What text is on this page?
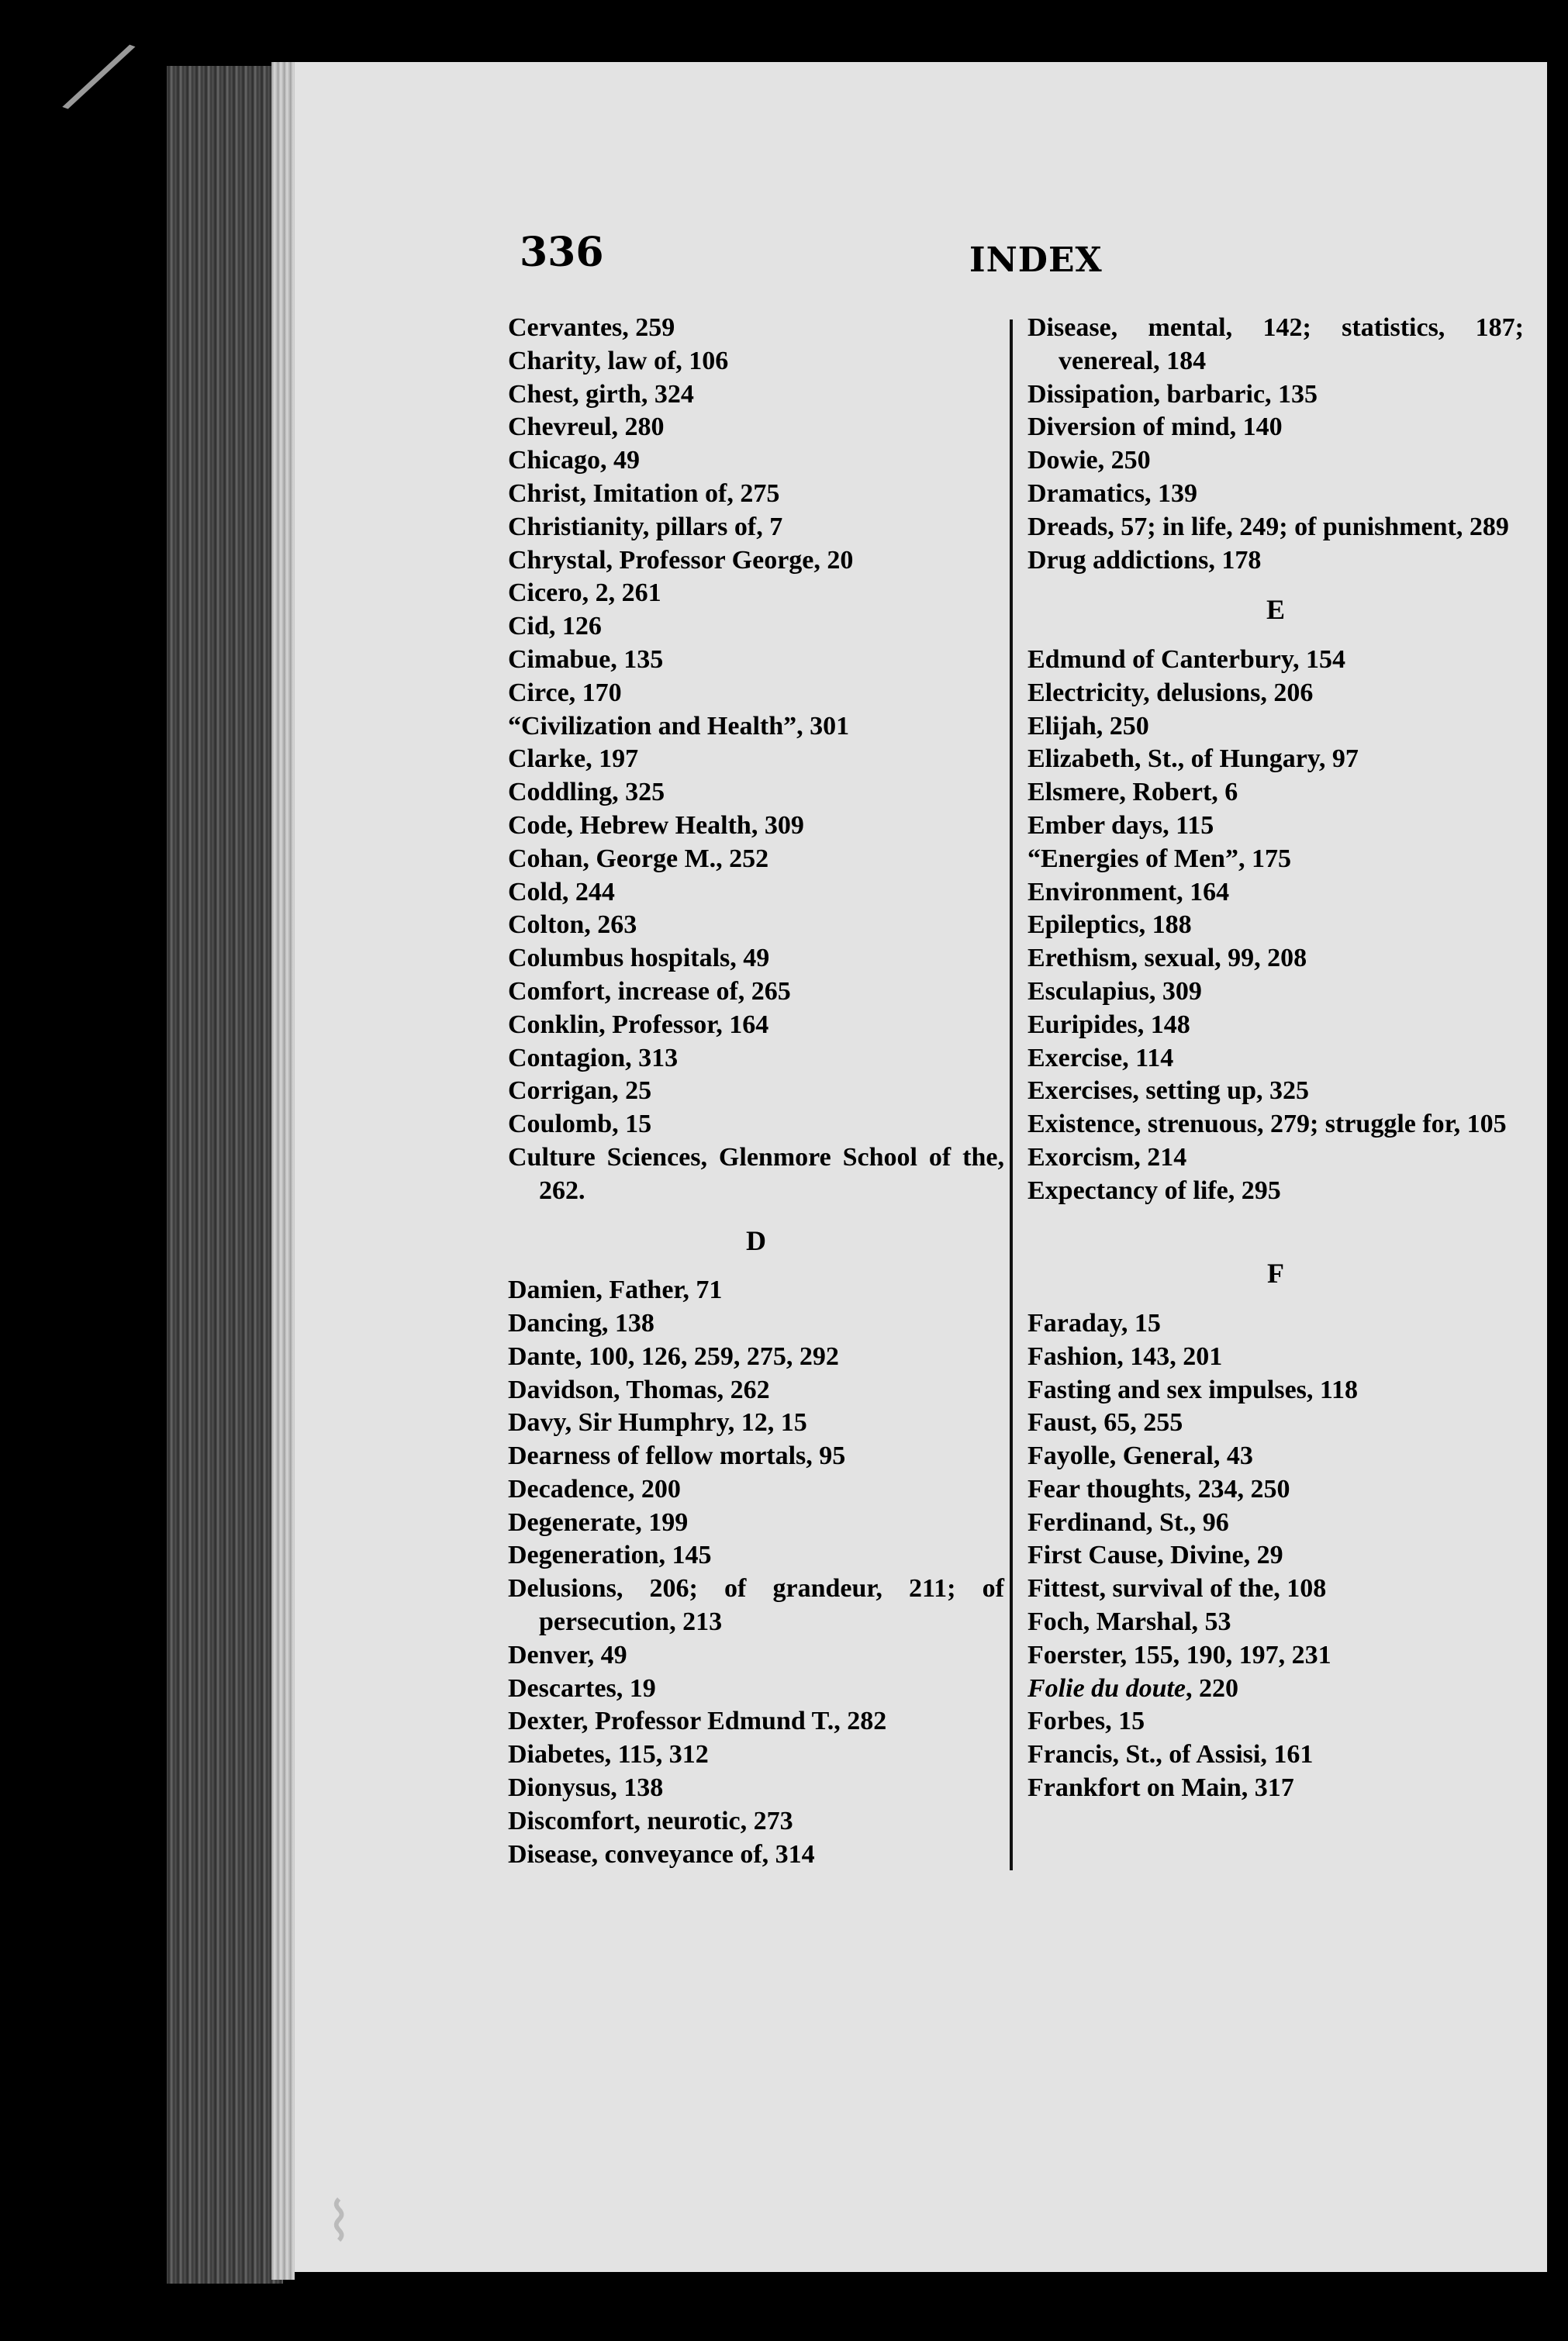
╱
⌇
336	INDEX
Cervantes, 259
Charity, law of, 106
Chest, girth, 324
Chevreul, 280
Chicago, 49
Christ, Imitation of, 275
Christianity, pillars of, 7
Chrystal, Professor George, 20
Cicero, 2, 261
Cid, 126
Cimabue, 135
Circe, 170
“Civilization and Health”, 301
Clarke, 197
Coddling, 325
Code, Hebrew Health, 309
Cohan, George M., 252
Cold, 244
Colton, 263
Columbus hospitals, 49
Comfort, increase of, 265
Conklin, Professor, 164
Contagion, 313
Corrigan, 25
Coulomb, 15
Culture Sciences, Glenmore School of the, 262.
D
Damien, Father, 71
Dancing, 138
Dante, 100, 126, 259, 275, 292
Davidson, Thomas, 262
Davy, Sir Humphry, 12, 15
Dearness of fellow mortals, 95
Decadence, 200
Degenerate, 199
Degeneration, 145
Delusions, 206; of grandeur, 211; of persecution, 213
Denver, 49
Descartes, 19
Dexter, Professor Edmund T., 282
Diabetes, 115, 312
Dionysus, 138
Discomfort, neurotic, 273
Disease, conveyance of, 314
Disease, mental, 142; statistics, 187; venereal, 184
Dissipation, barbaric, 135
Diversion of mind, 140
Dowie, 250
Dramatics, 139
Dreads, 57; in life, 249; of punishment, 289
Drug addictions, 178
E
Edmund of Canterbury, 154
Electricity, delusions, 206
Elijah, 250
Elizabeth, St., of Hungary, 97
Elsmere, Robert, 6
Ember days, 115
“Energies of Men”, 175
Environment, 164
Epileptics, 188
Erethism, sexual, 99, 208
Esculapius, 309
Euripides, 148
Exercise, 114
Exercises, setting up, 325
Existence, strenuous, 279; struggle for, 105
Exorcism, 214
Expectancy of life, 295
F
Faraday, 15
Fashion, 143, 201
Fasting and sex impulses, 118
Faust, 65, 255
Fayolle, General, 43
Fear thoughts, 234, 250
Ferdinand, St., 96
First Cause, Divine, 29
Fittest, survival of the, 108
Foch, Marshal, 53
Foerster, 155, 190, 197, 231
Folie du doute, 220
Forbes, 15
Francis, St., of Assisi, 161
Frankfort on Main, 317
